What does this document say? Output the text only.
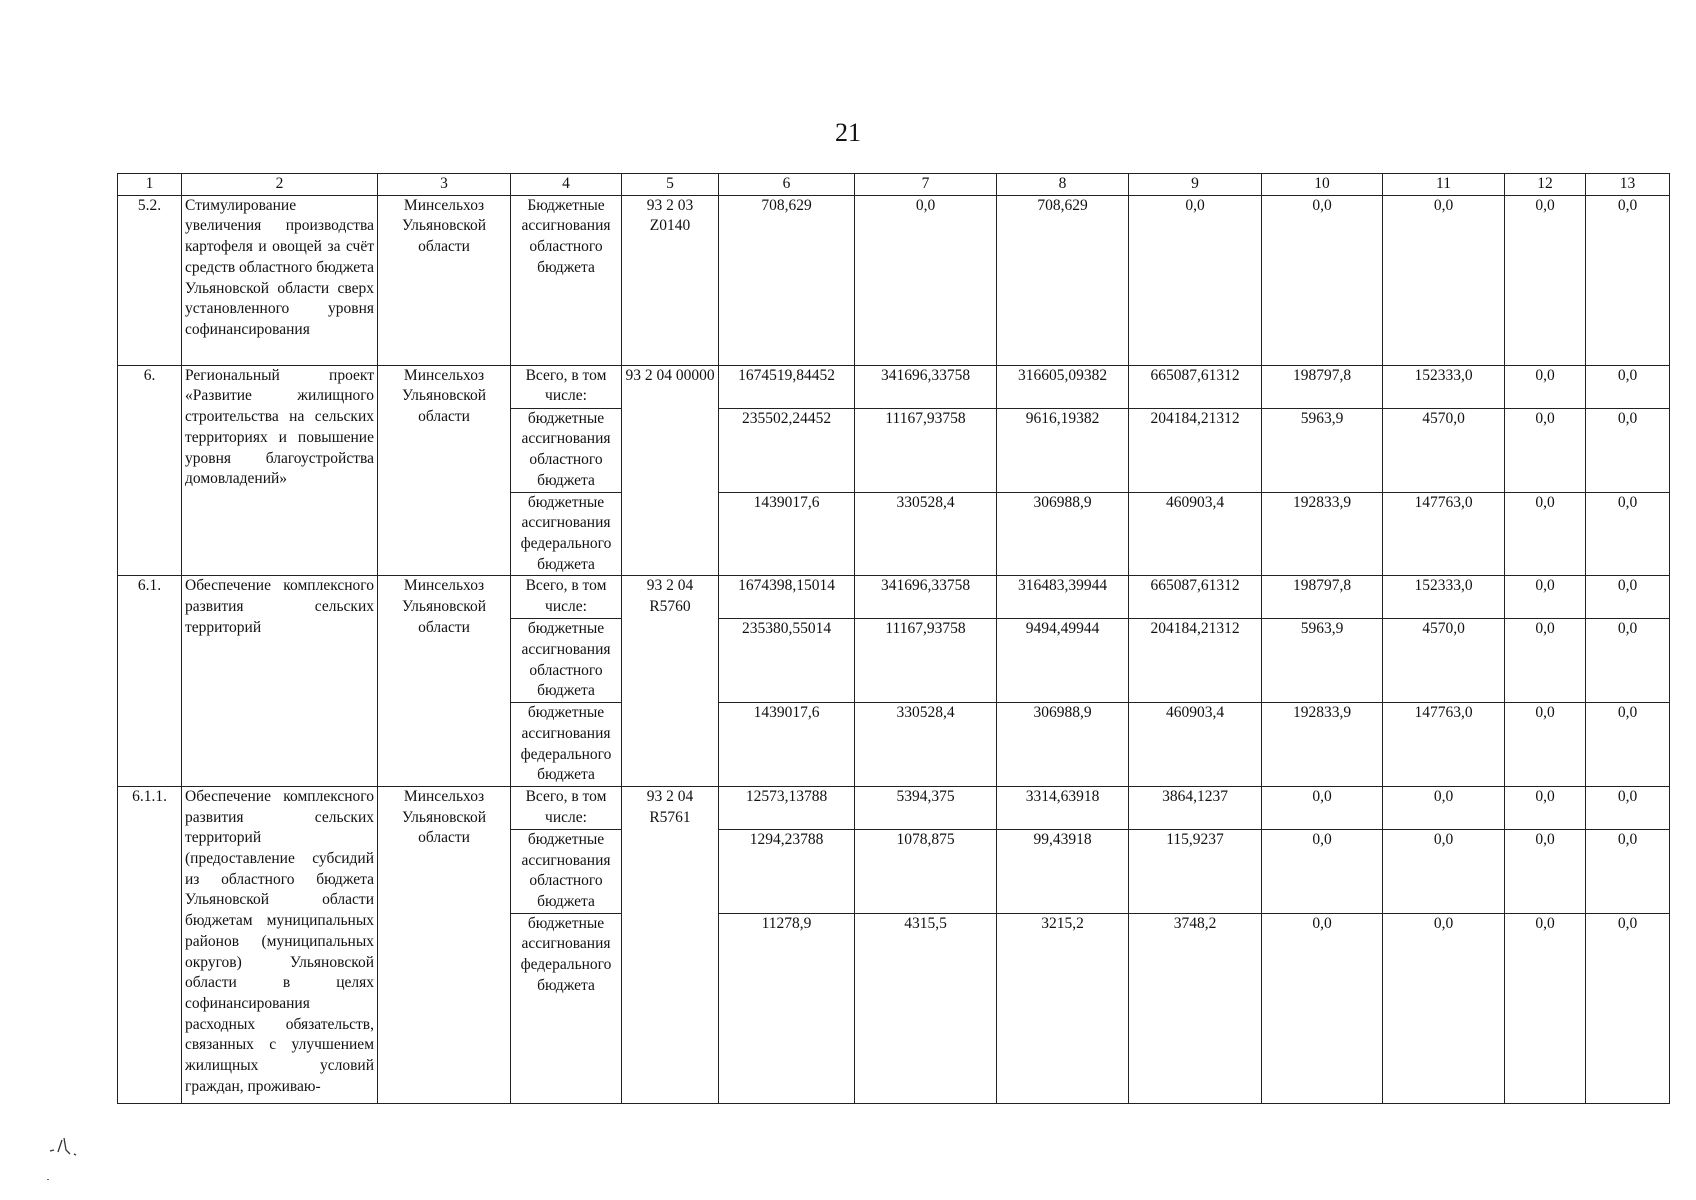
21
1	2	3	4	5	6	7	8	9	10	11	12	13
5.2.	Стимулирование увеличения производства картофеля и овощей за счёт средств областного бюджета Ульяновской области сверх установленного уровня софинансирования	Минсельхоз Ульяновской области	Бюджетные ассигнования областного бюджета	93 2 03 Z0140	708,629	0,0	708,629	0,0	0,0	0,0	0,0	0,0
6.	Региональный проект «Развитие жилищного строительства на сельских территориях и повышение уровня благоустройства домовладений»	Минсельхоз Ульяновской области	Всего, в том числе:	93 2 04 00000	1674519,84452	341696,33758	316605,09382	665087,61312	198797,8	152333,0	0,0	0,0
			бюджетные ассигнования областного бюджета		235502,24452	11167,93758	9616,19382	204184,21312	5963,9	4570,0	0,0	0,0
			бюджетные ассигнования федерального бюджета		1439017,6	330528,4	306988,9	460903,4	192833,9	147763,0	0,0	0,0
6.1.	Обеспечение комплексного развития сельских территорий	Минсельхоз Ульяновской области	Всего, в том числе:	93 2 04 R5760	1674398,15014	341696,33758	316483,39944	665087,61312	198797,8	152333,0	0,0	0,0
			бюджетные ассигнования областного бюджета		235380,55014	11167,93758	9494,49944	204184,21312	5963,9	4570,0	0,0	0,0
			бюджетные ассигнования федерального бюджета		1439017,6	330528,4	306988,9	460903,4	192833,9	147763,0	0,0	0,0
6.1.1.	Обеспечение комплексного развития сельских территорий (предоставление субсидий из областного бюджета Ульяновской области бюджетам муниципальных районов (муниципальных округов) Ульяновской области в целях софинансирования расходных обязательств, связанных с улучшением жилищных условий граждан, проживаю-	Минсельхоз Ульяновской области	Всего, в том числе:	93 2 04 R5761	12573,13788	5394,375	3314,63918	3864,1237	0,0	0,0	0,0	0,0
			бюджетные ассигнования областного бюджета		1294,23788	1078,875	99,43918	115,9237	0,0	0,0	0,0	0,0
			бюджетные ассигнования федерального бюджета		11278,9	4315,5	3215,2	3748,2	0,0	0,0	0,0	0,0
